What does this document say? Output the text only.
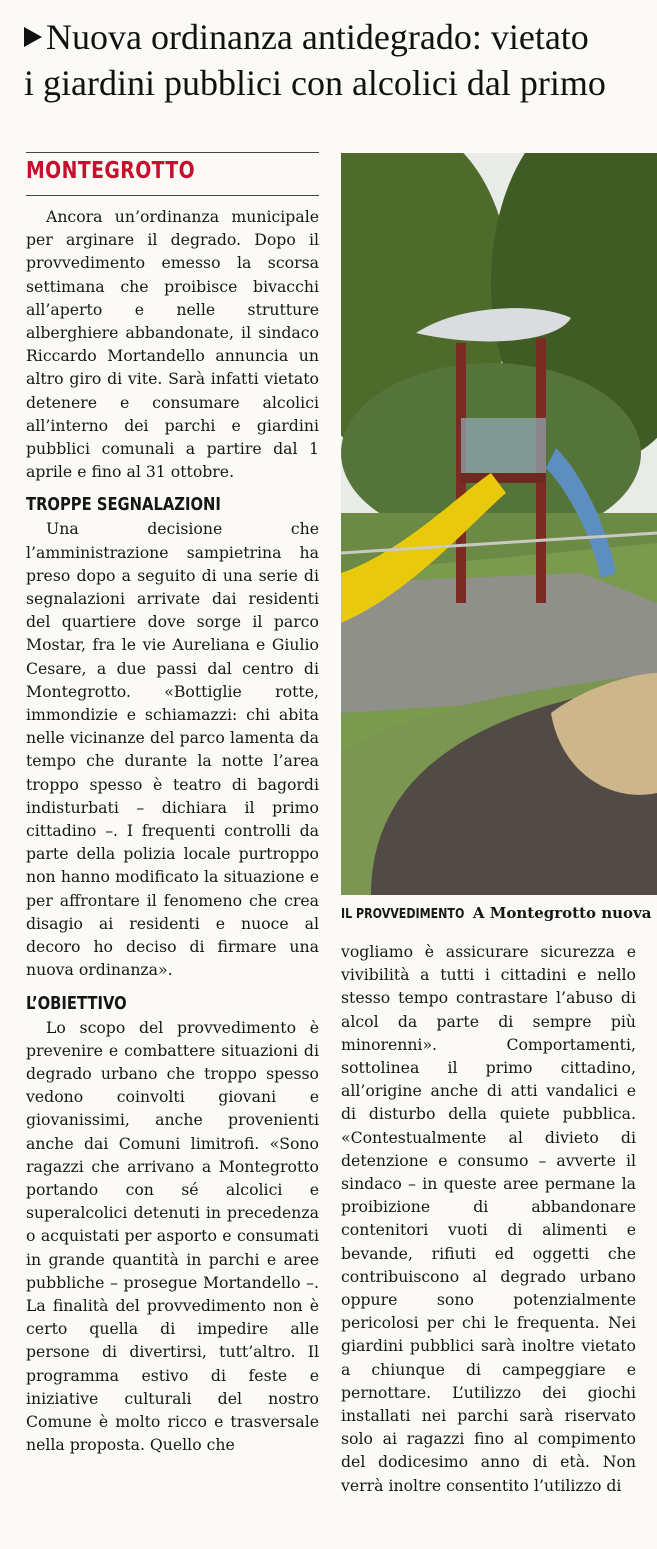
Nuova ordinanza antidegrado: vietato
i giardini pubblici con alcolici dal primo
MONTEGROTTO

Ancora un’ordinanza municipale per arginare il degrado. Dopo il provvedimento emesso la scorsa settimana che proibisce bivacchi all’aperto e nelle strutture alberghiere abbandonate, il sindaco Riccardo Mortandello annuncia un altro giro di vite. Sarà infatti vietato detenere e consumare alcolici all’interno dei parchi e giardini pubblici comunali a partire dal 1 aprile e fino al 31 ottobre.

TROPPE SEGNALAZIONI

Una decisione che l’amministrazione sampietrina ha preso dopo a seguito di una serie di segnalazioni arrivate dai residenti del quartiere dove sorge il parco Mostar, fra le vie Aureliana e Giulio Cesare, a due passi dal centro di Montegrotto. «Bottiglie rotte, immondizie e schiamazzi: chi abita nelle vicinanze del parco lamenta da tempo che durante la notte l’area troppo spesso è teatro di bagordi indisturbati – dichiara il primo cittadino –. I frequenti controlli da parte della polizia locale purtroppo non hanno modificato la situazione e per affrontare il fenomeno che crea disagio ai residenti e nuoce al decoro ho deciso di firmare una nuova ordinanza».

L’OBIETTIVO

Lo scopo del provvedimento è prevenire e combattere situazioni di degrado urbano che troppo spesso vedono coinvolti giovani e giovanissimi, anche provenienti anche dai Comuni limitrofi. «Sono ragazzi che arrivano a Montegrotto portando con sé alcolici e superalcolici detenuti in precedenza o acquistati per asporto e consumati in grande quantità in parchi e aree pubbliche – prosegue Mortandello –. La finalità del provvedimento non è certo quella di impedire alle persone di divertirsi, tutt’altro. Il programma estivo di feste e iniziative culturali del nostro Comune è molto ricco e trasversale nella proposta. Quello che

IL PROVVEDIMENTO A Montegrotto nuova

vogliamo è assicurare sicurezza e vivibilità a tutti i cittadini e nello stesso tempo contrastare l’abuso di alcol da parte di sempre più minorenni». Comportamenti, sottolinea il primo cittadino, all’origine anche di atti vandalici e di disturbo della quiete pubblica. «Contestualmente al divieto di detenzione e consumo – avverte il sindaco – in queste aree permane la proibizione di abbandonare contenitori vuoti di alimenti e bevande, rifiuti ed oggetti che contribuiscono al degrado urbano oppure sono potenzialmente pericolosi per chi le frequenta. Nei giardini pubblici sarà inoltre vietato a chiunque di campeggiare e pernottare. L’utilizzo dei giochi installati nei parchi sarà riservato solo ai ragazzi fino al compimento del dodicesimo anno di età. Non verrà inoltre consentito l’utilizzo di
